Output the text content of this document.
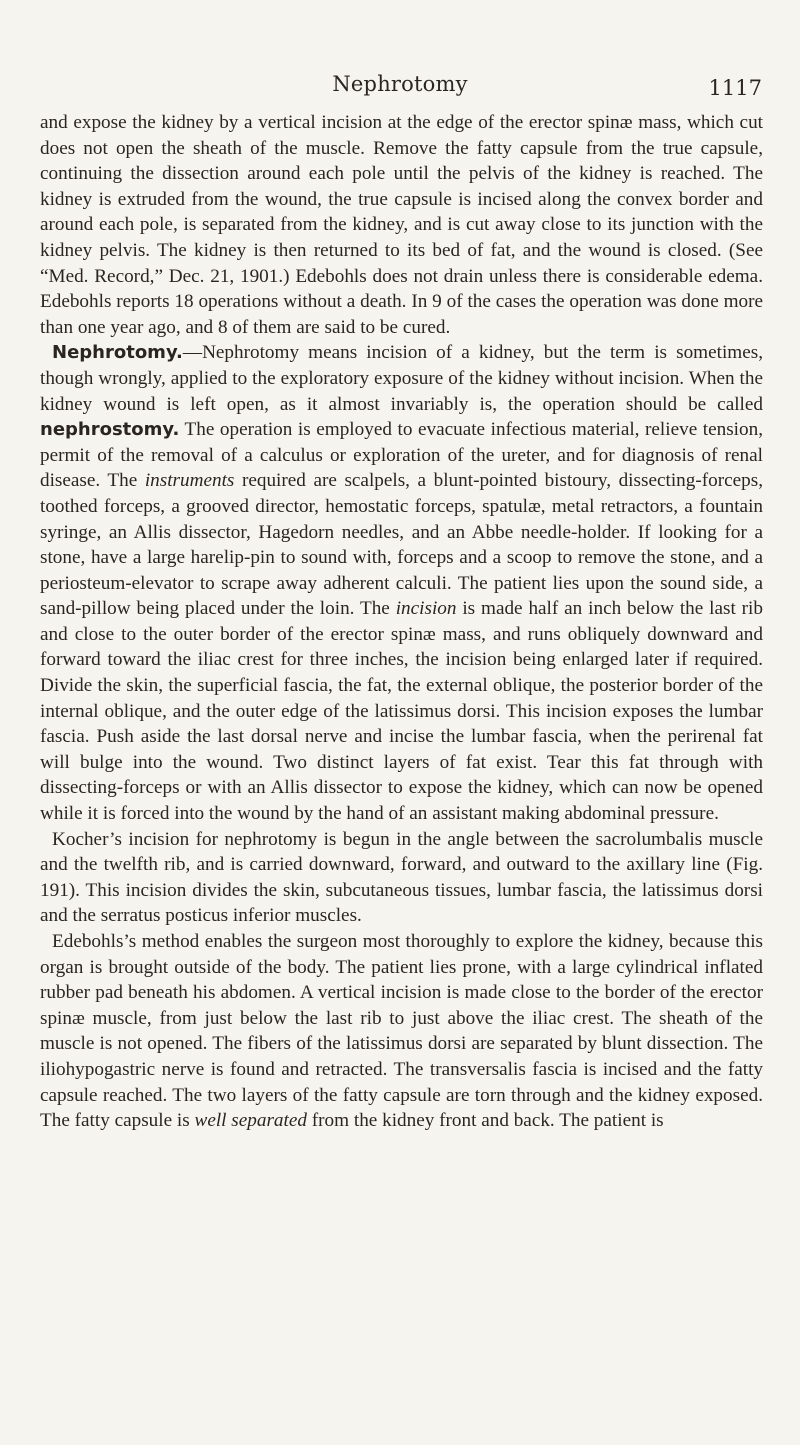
Nephrotomy	1117

and expose the kidney by a vertical incision at the edge of the erector spinæ mass, which cut does not open the sheath of the muscle. Remove the fatty capsule from the true capsule, continuing the dissection around each pole until the pelvis of the kidney is reached. The kidney is extruded from the wound, the true capsule is incised along the convex border and around each pole, is separated from the kidney, and is cut away close to its junction with the kidney pelvis. The kidney is then returned to its bed of fat, and the wound is closed. (See “Med. Record,” Dec. 21, 1901.) Edebohls does not drain unless there is considerable edema. Edebohls reports 18 operations without a death. In 9 of the cases the operation was done more than one year ago, and 8 of them are said to be cured.

Nephrotomy.—Nephrotomy means incision of a kidney, but the term is sometimes, though wrongly, applied to the exploratory exposure of the kidney without incision. When the kidney wound is left open, as it almost invariably is, the operation should be called nephrostomy. The operation is employed to evacuate infectious material, relieve tension, permit of the removal of a calculus or exploration of the ureter, and for diagnosis of renal disease. The instruments required are scalpels, a blunt-pointed bistoury, dissecting-forceps, toothed forceps, a grooved director, hemostatic forceps, spatulæ, metal retractors, a fountain syringe, an Allis dissector, Hagedorn needles, and an Abbe needle-holder. If looking for a stone, have a large harelip-pin to sound with, forceps and a scoop to remove the stone, and a periosteum-elevator to scrape away adherent calculi. The patient lies upon the sound side, a sand-pillow being placed under the loin. The incision is made half an inch below the last rib and close to the outer border of the erector spinæ mass, and runs obliquely downward and forward toward the iliac crest for three inches, the incision being enlarged later if required. Divide the skin, the superficial fascia, the fat, the external oblique, the posterior border of the internal oblique, and the outer edge of the latissimus dorsi. This incision exposes the lumbar fascia. Push aside the last dorsal nerve and incise the lumbar fascia, when the perirenal fat will bulge into the wound. Two distinct layers of fat exist. Tear this fat through with dissecting-forceps or with an Allis dissector to expose the kidney, which can now be opened while it is forced into the wound by the hand of an assistant making abdominal pressure.

Kocher’s incision for nephrotomy is begun in the angle between the sacrolumbalis muscle and the twelfth rib, and is carried downward, forward, and outward to the axillary line (Fig. 191). This incision divides the skin, subcutaneous tissues, lumbar fascia, the latissimus dorsi and the serratus posticus inferior muscles.

Edebohls’s method enables the surgeon most thoroughly to explore the kidney, because this organ is brought outside of the body. The patient lies prone, with a large cylindrical inflated rubber pad beneath his abdomen. A vertical incision is made close to the border of the erector spinæ muscle, from just below the last rib to just above the iliac crest. The sheath of the muscle is not opened. The fibers of the latissimus dorsi are separated by blunt dissection. The iliohypogastric nerve is found and retracted. The transversalis fascia is incised and the fatty capsule reached. The two layers of the fatty capsule are torn through and the kidney exposed. The fatty capsule is well separated from the kidney front and back. The patient is
